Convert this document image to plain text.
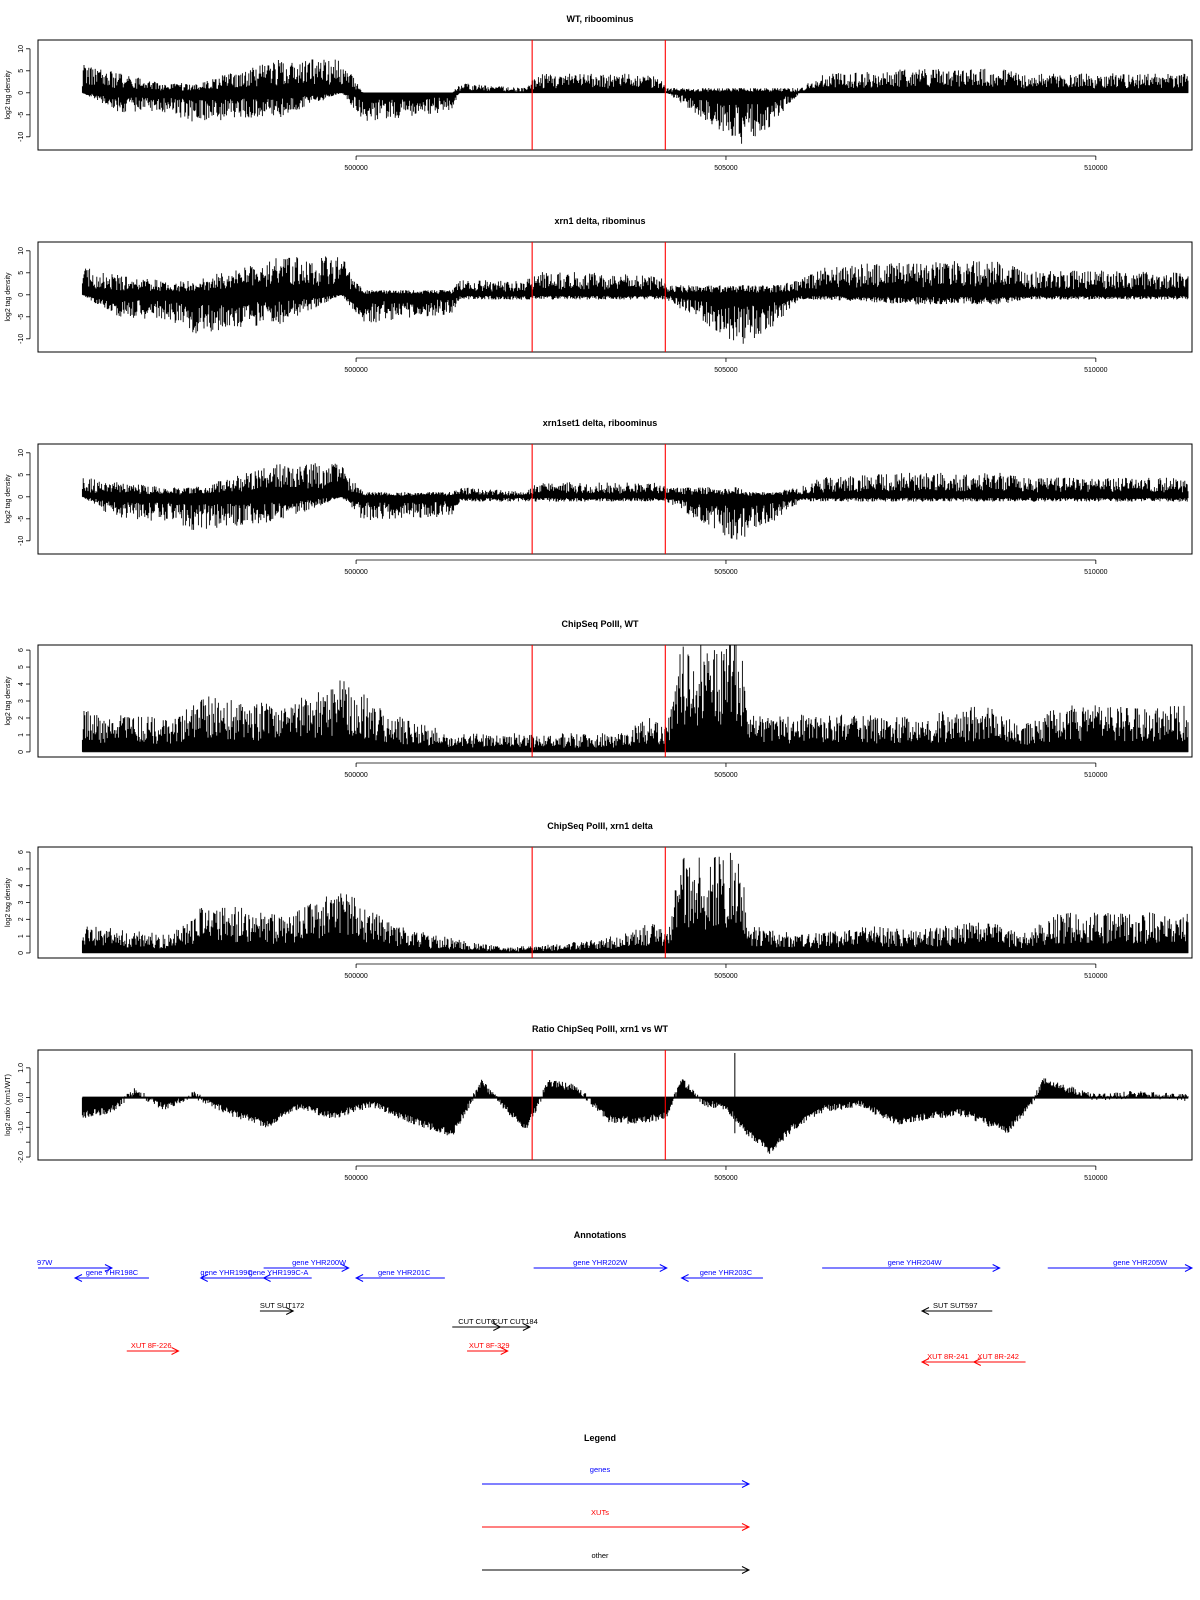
WT, riboominus
-10
-5
0
5
10
log2 tag density
500000	505000	510000
xrn1 delta, ribominus
-10
-5
0
5
10
log2 tag density
500000	505000	510000
xrn1set1 delta, riboominus
-10
-5
0
5
10
log2 tag density
500000	505000	510000
ChipSeq PolII, WT
0
1
2
3
4
5
6
log2 tag density
500000	505000	510000
ChipSeq PolII, xrn1 delta
0
1
2
3
4
5
6
log2 tag density
500000	505000	510000
Ratio ChipSeq PolII, xrn1 vs WT
-2.0
-1.0
0.0
1.0
log2 ratio (xrn1/WT)
500000	505000	510000
Annotations
97W
gene YHR198C	gene YHR199C
gene YHR199C-A
gene YHR200W
gene YHR201C
gene YHR202W
gene YHR203C
gene YHR204W	gene YHR205W
SUT SUT172
CUT CUT6
CUT CUT184
SUT SUT597
XUT 8F-226	XUT 8F-329
XUT 8R-241 XUT 8R-242
Legend
genes
XUTs
other
